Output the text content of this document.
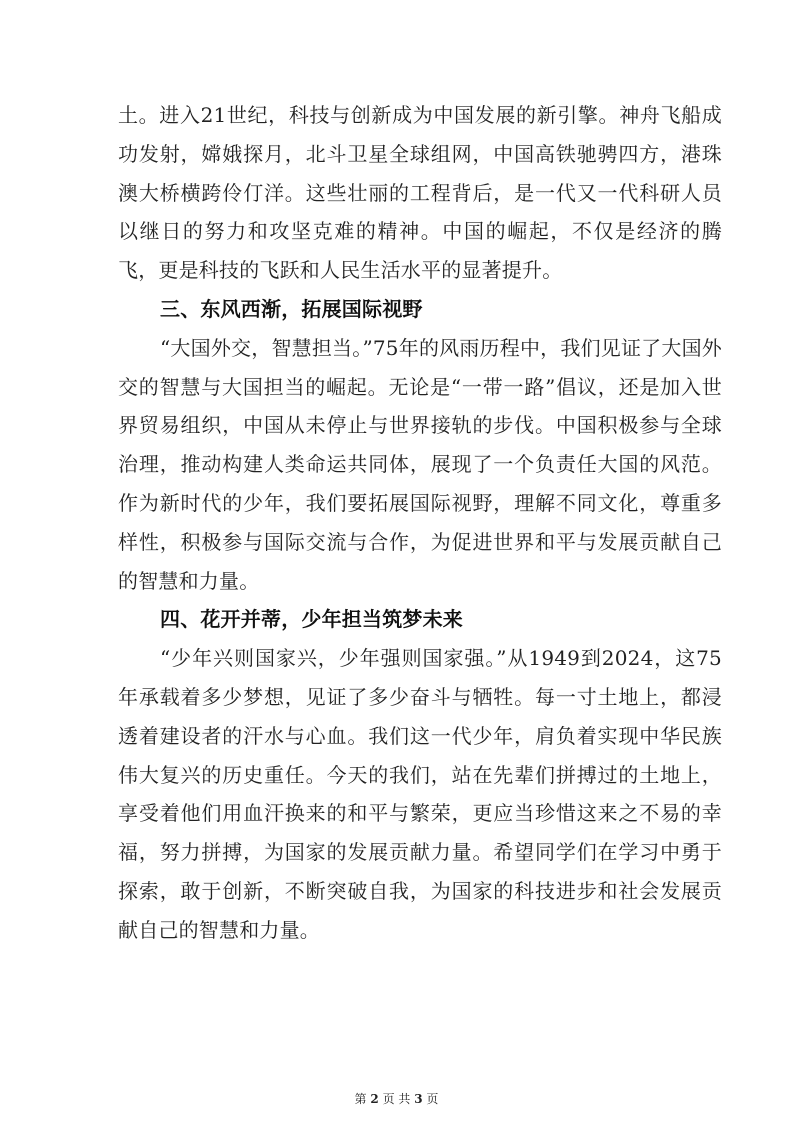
土。进入21世纪，科技与创新成为中国发展的新引擎。神舟飞船成功发射，嫦娥探月，北斗卫星全球组网，中国高铁驰骋四方，港珠澳大桥横跨伶仃洋。这些壮丽的工程背后，是一代又一代科研人员以继日的努力和攻坚克难的精神。中国的崛起，不仅是经济的腾飞，更是科技的飞跃和人民生活水平的显著提升。

三、东风西渐，拓展国际视野

“大国外交，智慧担当。”75年的风雨历程中，我们见证了大国外交的智慧与大国担当的崛起。无论是“一带一路”倡议，还是加入世界贸易组织，中国从未停止与世界接轨的步伐。中国积极参与全球治理，推动构建人类命运共同体，展现了一个负责任大国的风范。作为新时代的少年，我们要拓展国际视野，理解不同文化，尊重多样性，积极参与国际交流与合作，为促进世界和平与发展贡献自己的智慧和力量。

四、花开并蒂，少年担当筑梦未来

“少年兴则国家兴，少年强则国家强。”从1949到2024，这75年承载着多少梦想，见证了多少奋斗与牺牲。每一寸土地上，都浸透着建设者的汗水与心血。我们这一代少年，肩负着实现中华民族伟大复兴的历史重任。今天的我们，站在先辈们拼搏过的土地上，享受着他们用血汗换来的和平与繁荣，更应当珍惜这来之不易的幸福，努力拼搏，为国家的发展贡献力量。希望同学们在学习中勇于探索，敢于创新，不断突破自我，为国家的科技进步和社会发展贡献自己的智慧和力量。

第 2 页 共 3 页
